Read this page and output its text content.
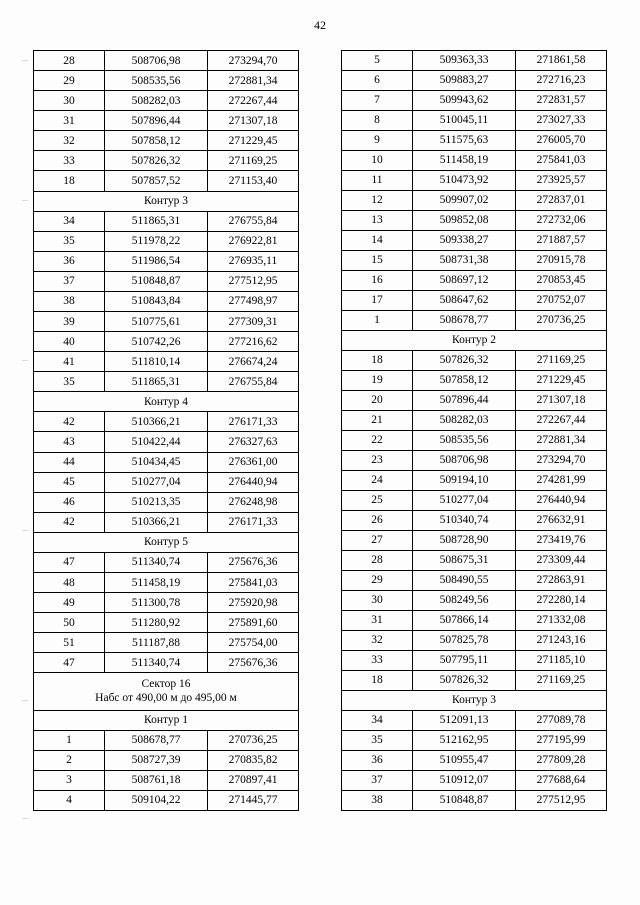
42
28	508706,98	273294,70
29	508535,56	272881,34
30	508282,03	272267,44
31	507896,44	271307,18
32	507858,12	271229,45
33	507826,32	271169,25
18	507857,52	271153,40

Контур 3		

34	511865,31	276755,84
35	511978,22	276922,81
36	511986,54	276935,11
37	510848,87	277512,95
38	510843,84	277498,97
39	510775,61	277309,31
40	510742,26	277216,62
41	511810,14	276674,24
35	511865,31	276755,84

Контур 4		

42	510366,21	276171,33
43	510422,44	276327,63
44	510434,45	276361,00
45	510277,04	276440,94
46	510213,35	276248,98
42	510366,21	276171,33

Контур 5		

47	511340,74	275676,36
48	511458,19	275841,03
49	511300,78	275920,98
50	511280,92	275891,60
51	511187,88	275754,00
47	511340,74	275676,36

Сектор 16
Набс от 490,00 м до 495,00 м		

Контур 1		

1	508678,77	270736,25
2	508727,39	270835,82
3	508761,18	270897,41
4	509104,22	271445,77
5	509363,33	271861,58
6	509883,27	272716,23
7	509943,62	272831,57
8	510045,11	273027,33
9	511575,63	276005,70
10	511458,19	275841,03
11	510473,92	273925,57
12	509907,02	272837,01
13	509852,08	272732,06
14	509338,27	271887,57
15	508731,38	270915,78
16	508697,12	270853,45
17	508647,62	270752,07
1	508678,77	270736,25

Контур 2		

18	507826,32	271169,25
19	507858,12	271229,45
20	507896,44	271307,18
21	508282,03	272267,44
22	508535,56	272881,34
23	508706,98	273294,70
24	509194,10	274281,99
25	510277,04	276440,94
26	510340,74	276632,91
27	508728,90	273419,76
28	508675,31	273309,44
29	508490,55	272863,91
30	508249,56	272280,14
31	507866,14	271332,08
32	507825,78	271243,16
33	507795,11	271185,10
18	507826,32	271169,25

Контур 3		

34	512091,13	277089,78
35	512162,95	277195,99
36	510955,47	277809,28
37	510912,07	277688,64
38	510848,87	277512,95
